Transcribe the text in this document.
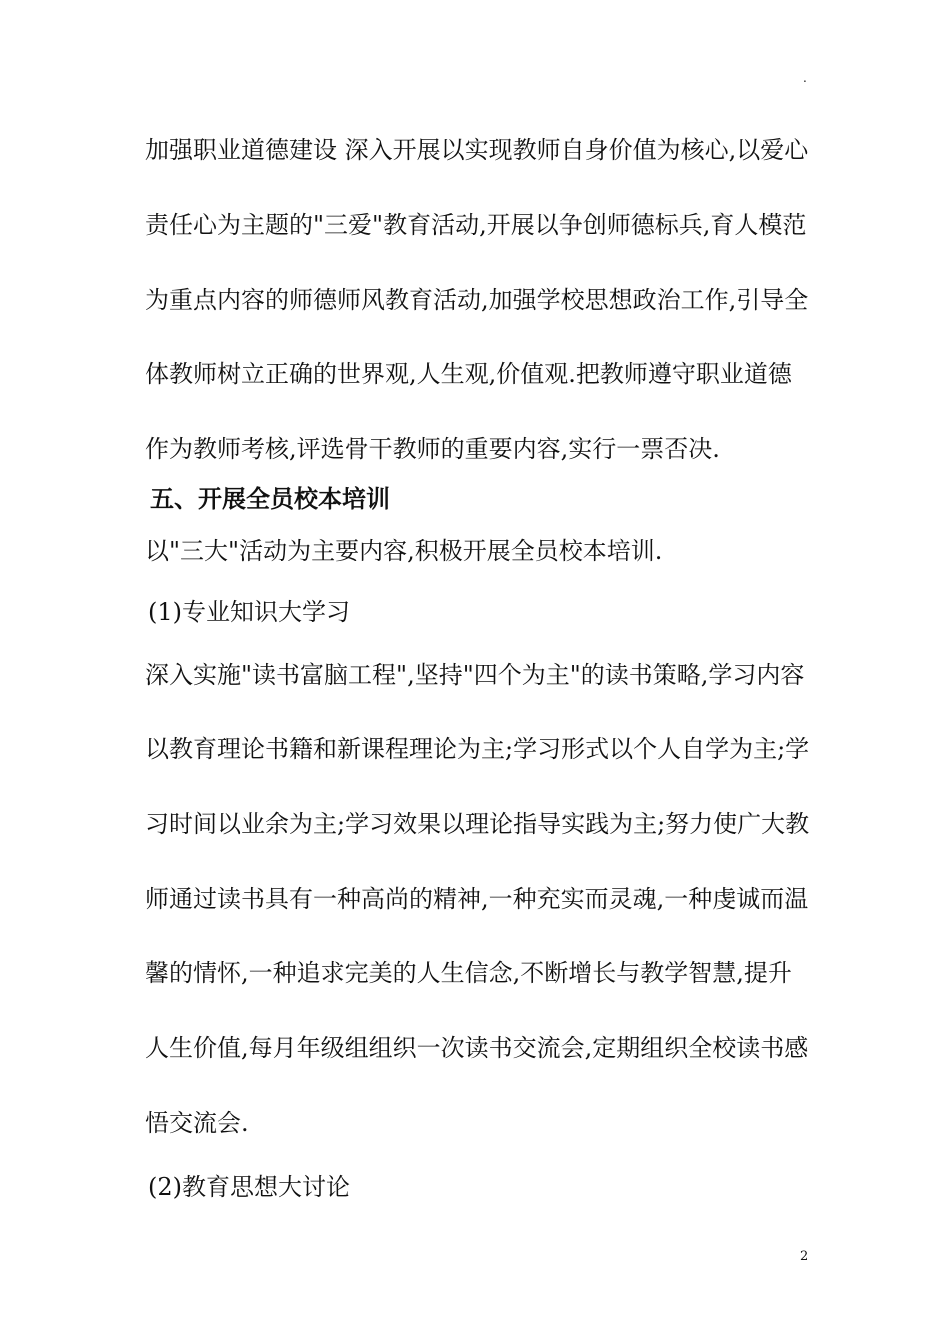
.

加强职业道德建设 深入开展以实现教师自身价值为核心,以爱心

责任心为主题的"三爱"教育活动,开展以争创师德标兵,育人模范

为重点内容的师德师风教育活动,加强学校思想政治工作,引导全

体教师树立正确的世界观,人生观,价值观.把教师遵守职业道德

作为教师考核,评选骨干教师的重要内容,实行一票否决.

五、开展全员校本培训

以"三大"活动为主要内容,积极开展全员校本培训.

(1)专业知识大学习

深入实施"读书富脑工程",坚持"四个为主"的读书策略,学习内容

以教育理论书籍和新课程理论为主;学习形式以个人自学为主;学

习时间以业余为主;学习效果以理论指导实践为主;努力使广大教

师通过读书具有一种高尚的精神,一种充实而灵魂,一种虔诚而温

馨的情怀,一种追求完美的人生信念,不断增长与教学智慧,提升

人生价值,每月年级组组织一次读书交流会,定期组织全校读书感

悟交流会.

(2)教育思想大讨论
2
